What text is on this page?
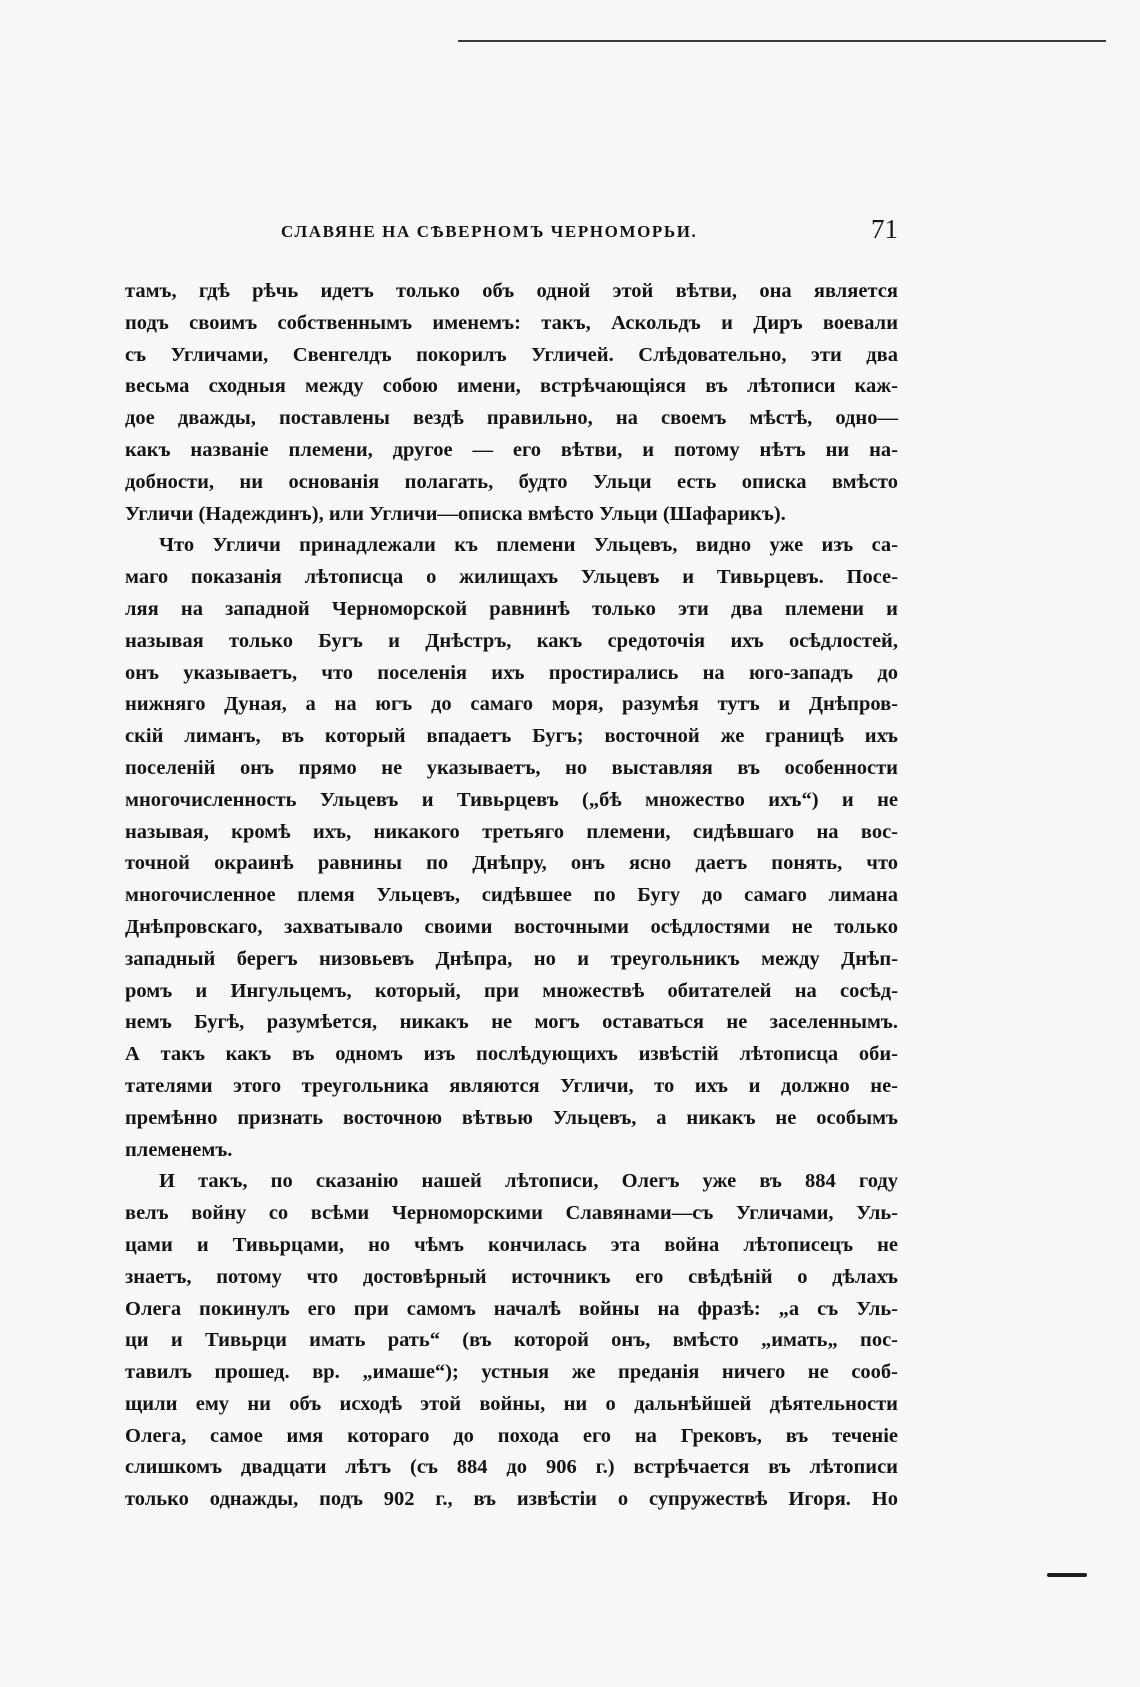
СЛАВЯНЕ НА СѢВЕРНОМЪ ЧЕРНОМОРЬИ.	71
тамъ, гдѣ рѣчь идетъ только объ одной этой вѣтви, она является
подъ своимъ собственнымъ именемъ: такъ, Аскольдъ и Диръ воевали
съ Угличами, Свенгелдъ покорилъ Угличей. Слѣдовательно, эти два
весьма сходныя между собою имени, встрѣчающіяся въ лѣтописи каж-
дое дважды, поставлены вездѣ правильно, на своемъ мѣстѣ, одно—
какъ названіе племени, другое — его вѣтви, и потому нѣтъ ни на-
добности, ни основанія полагать, будто Ульци есть описка вмѣсто
Угличи (Надеждинъ), или Угличи—описка вмѣсто Ульци (Шафарикъ).
Что Угличи принадлежали къ племени Ульцевъ, видно уже изъ са-
маго показанія лѣтописца о жилищахъ Ульцевъ и Тивьрцевъ. Посе-
ляя на западной Черноморской равнинѣ только эти два племени и
называя только Бугъ и Днѣстръ, какъ средоточія ихъ осѣдлостей,
онъ указываетъ, что поселенія ихъ простирались на юго-западъ до
нижняго Дуная, а на югъ до самаго моря, разумѣя тутъ и Днѣпров-
скій лиманъ, въ который впадаетъ Бугъ; восточной же границѣ ихъ
поселеній онъ прямо не указываетъ, но выставляя въ особенности
многочисленность Ульцевъ и Тивьрцевъ („бѣ множество ихъ“) и не
называя, кромѣ ихъ, никакого третьяго племени, сидѣвшаго на вос-
точной окраинѣ равнины по Днѣпру, онъ ясно даетъ понять, что
многочисленное племя Ульцевъ, сидѣвшее по Бугу до самаго лимана
Днѣпровскаго, захватывало своими восточными осѣдлостями не только
западный берегъ низовьевъ Днѣпра, но и треугольникъ между Днѣп-
ромъ и Ингульцемъ, который, при множествѣ обитателей на сосѣд-
немъ Бугѣ, разумѣется, никакъ не могъ оставаться не заселеннымъ.
А такъ какъ въ одномъ изъ послѣдующихъ извѣстій лѣтописца оби-
тателями этого треугольника являются Угличи, то ихъ и должно не-
премѣнно признать восточною вѣтвью Ульцевъ, а никакъ не особымъ
племенемъ.
И такъ, по сказанію нашей лѣтописи, Олегъ уже въ 884 году
велъ войну со всѣми Черноморскими Славянами—съ Угличами, Уль-
цами и Тивьрцами, но чѣмъ кончилась эта война лѣтописецъ не
знаетъ, потому что достовѣрный источникъ его свѣдѣній о дѣлахъ
Олега покинулъ его при самомъ началѣ войны на фразѣ: „а съ Уль-
ци и Тивьрци имать рать“ (въ которой онъ, вмѣсто „имать„ пос-
тавилъ прошед. вр. „имаше“); устныя же преданія ничего не сооб-
щили ему ни объ исходѣ этой войны, ни о дальнѣйшей дѣятельности
Олега, самое имя котораго до похода его на Грековъ, въ теченіе
слишкомъ двадцати лѣтъ (съ 884 до 906 г.) встрѣчается въ лѣтописи
только однажды, подъ 902 г., въ извѣстіи о супружествѣ Игоря. Но
